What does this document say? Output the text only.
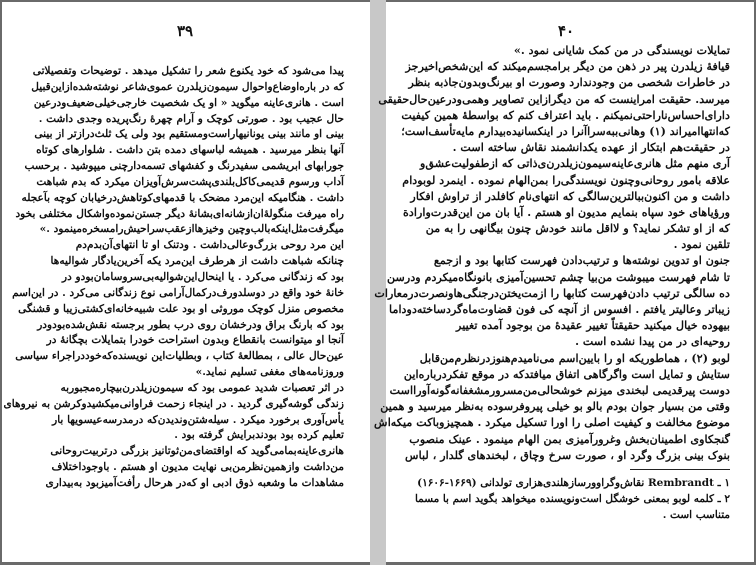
۳۹
پیدا می‌شود که خود یکنوع شعر را تشکیل میدهد . توضیحات وتفصیلاتی
که در باره‌اوضاع‌واحوال سیمون‌زیلدرن عموی‌شاعر نوشته‌شده‌از‌این‌قبیل
است . هانری‌عاینه میگوید « او یک شخصیت خارجی‌خیلی‌ضعیف‌ودرعین
حال عجیب بود . صورتی کوچک و آرام چهره‌ٔ رنگ‌پریده وجدی داشت .
بینی او مانند بینی یونانیها‌راست‌ومستقیم بود ولی یک ثلث‌درازتر‌ از‌ بینی
آنها بنظر میرسید . همیشه لباسهای دمده بتن داشت . شلوارهای کوتاه
جورابهای ابریشمی سفیدرنگ و کفشهای تسمه‌دار‌چنی میپوشید . برحسب
آداب ورسوم قدیمی‌کاکل‌بلندی‌پشت‌سرش‌آویزان میکرد که‌ بدم شباهت
داشت . هنگامیکه این‌مرد مضحک با قدمهای‌کوتاهش‌درخیابان کوچه‌ بآعجله
راه میرفت منگوله‌ٔان‌ازشانه‌ای‌بشانه‌ٔ دیگر‌ جستن‌نموده‌و‌اشکال مختلفی‌ بخود
میگرفت‌مثل‌اینکه‌بالب‌وچین وخیزها‌ازعقب‌سراحیش‌رامسخره‌مینمود .»
این مرد روحی بزرگ‌وعالی‌داشت . ودتنک او تا انتهای‌آن‌بدم‌دم
چنانکه شباهت داشت از هرطرف این‌مرد یکه آخرین‌یادگار شوالیه‌ها
بود که زندگانی می‌کرد . یا اینحال‌این‌شوالیه‌بی‌سروسامان‌بود‌و‌ در
خانه‌ٔ خود واقع در دوسلدورف‌در‌کمال‌آرامی‌ نوع زندگانی می‌کرد . در این‌اسم
مخصوص منزل کوچک موروثی او بود علت شبیه‌خانه‌ای‌کشتی‌زیبا و قشنگی
بود که بارنگ براق ودرخشان روی درب بطور برجسته نقش‌شده‌بود‌ودر
آنجا او میتوانست بانقطاع‌ وبدون استراحت‌ خودرا بتمایلات‌ بچگانه‌ٔ‌ در
عین‌حال عالی ، بمطالعه‌ٔ کتاب ، وبطلیات‌این نویسنده‌که‌خود‌در‌اجراء‌ سیاسی
وروزنامه‌های مغفی‌ تسلیم نماید.»
در اثر تعصبات شدید عمومی بود که سیمون‌زیلدرن‌بیچاره‌مجبور‌به
زندگی گوشه‌گیری گردید . در اینجاء زحمت فراوانی‌میکشید‌وکرشن‌ به نیروهای
یأس‌آوری برخورد میکرد . سیله‌شتن‌وندیدن‌که‌ در‌مدرسه‌عیسویها بار
تعلیم کرده بود بودندبرایش گرفته بود .
هانری‌عاینه‌بمامی‌گوید که‌ او‌اقتضای‌من‌ثوتا‌نیز‌ بزرگی در‌تربیت‌روحانی
من‌داشت و‌ازهمین‌نظرمن‌بی‌ نهایت مدیون او هستم . باوجود‌اختلاف
مشاهدات ما وشعبه ذوق ادبی او که‌در هرحال رأفت‌آمیزبود به‌بیداری
۴۰
تمایلات نویسندگی در من کمک شایانی نمود .»
قیافه‌ٔ زیلدرن پیر در ذهن من دیگر برامجسم‌میکند که این‌شخص‌اخیرجز
در خاطرات شخصی من وجود‌ندارد وصورت او بیرنگ‌وبدون‌جاذبه بنظر
میرسد. حقیقت امراینست که من‌ دیگر‌ازاین‌ تصاویر وهمی‌ودرعین‌حال‌حقیقی
دارای‌احساس‌ناراحتی‌نمیکنم . باید‌ اعتراف‌ کنم که بواسطه‌ٔ‌ همین کیفیت
که‌انتها‌امیراند (۱) وهانی‌ببه‌سرا‌آنرا در اینکسانیده‌بیدارم مایه‌تأسف‌است؛
در حقیقت‌هم ابتکار از عهده یکدانشمند نقاش ساخته است .
آری منهم مثل هانری‌عاینه‌سیمون‌زیلدرن‌ی‌ذاتی که‌ از‌طفولیت‌عشق‌و
علاقه‌ بامور روحانی‌وچنون نویسندگی‌را بمن‌الهام نموده . اینمرد لوبودام
داشت و من اکنون‌ببالترین‌سالگی که‌ انتهای‌نام کافلدر از تراوش‌ افکار
ورؤیاهای خود سپاه بنمایم مدیون او هستم . آیا‌ بان‌ من‌ این‌قدرت‌وارادة
که از او تشکر نماید؟ و لااقل مانند خودش چنون بیگانهی را به‌ من
تلقین نمود .
جنون او تدوین نوشته‌ها و ترتیب‌دادن فهرست کتابها بود و ازجمع
تا شام فهرست میبوشت من‌بیا چشم تحسین‌آمیزی بانو‌نگاه‌میکردم‌ ودرسن
ده سالگی ترتیب دادن‌فهرست کتابها را از‌مت‌یختن‌درجنگی‌ها‌ونصرت‌درمعارات
زیباتر وعالیتر یافتم . افسوس از آنچه کی‌ فون‌ قضاوت‌ماه‌گرد‌ساخته‌دو‌داما
بیهوده خیال میکنید حقیقتاً‌ تغییر عقیده‌ٔ من بوجود آمده تغییر
روحیه‌ای در من پیدا نشده است .
لوبو (۲) ، هماطوریکه او را بایین‌اسم می‌نامیدم‌هنوزدر‌نظرم‌من‌قابل
ستایش و تمایل است واگرگاهی‌ اتفاق‌ میافتد‌که‌ در موقع‌ تفکر‌در‌باره‌‌این
دوست پیرقدیمی لبخندی میزنم‌ خوشحالی‌من‌مسرور‌مشغفانه‌گونه‌آورا‌است
وقتی من بسیار جوان بودم بالو بو خیلی پیروفرسوده به‌نظر میرسید و همین
موضوع مخالفت و کیفیت اصلی را اورا تسکیل میکرد . همچیزوباکت‌ میکه‌اش
گنجکاوی اطمینان‌بخش وغرورآمیزی بمن الهام مینمود . عینک منصوب
بنوک بینی بزرگ وگرد او ، صورت سرخ وچاق ، لبخندهای گلدار ، لباس
۱ ـ Rembrandt نقاش‌وگراوور‌ساز‌هلندی‌هزاری‌ تولدانی (۱۶۶۹-۱۶۰۶)
۲ ـ کلمه لوبو بمعنی خوشگل است‌ونویسنده میخواهد بگوید اسم با مسما
متناسب است .
